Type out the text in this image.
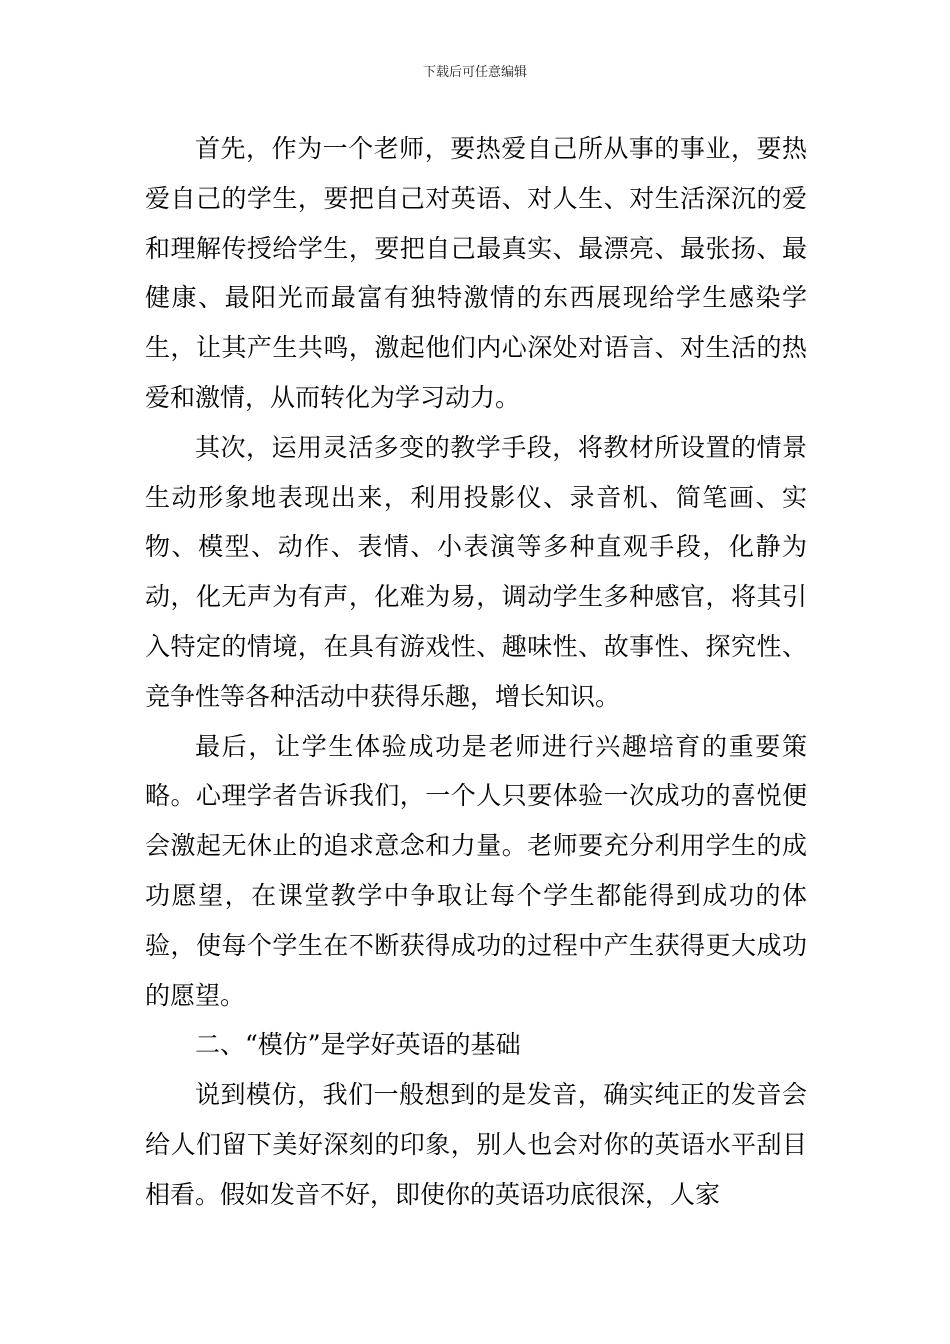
下载后可任意编辑

首先，作为一个老师，要热爱自己所从事的事业，要热爱自己的学生，要把自己对英语、对人生、对生活深沉的爱和理解传授给学生，要把自己最真实、最漂亮、最张扬、最健康、最阳光而最富有独特激情的东西展现给学生感染学生，让其产生共鸣，激起他们内心深处对语言、对生活的热爱和激情，从而转化为学习动力。

其次，运用灵活多变的教学手段，将教材所设置的情景生动形象地表现出来，利用投影仪、录音机、简笔画、实物、模型、动作、表情、小表演等多种直观手段，化静为动，化无声为有声，化难为易，调动学生多种感官，将其引入特定的情境，在具有游戏性、趣味性、故事性、探究性、竞争性等各种活动中获得乐趣，增长知识。

最后，让学生体验成功是老师进行兴趣培育的重要策略。心理学者告诉我们，一个人只要体验一次成功的喜悦便会激起无休止的追求意念和力量。老师要充分利用学生的成功愿望，在课堂教学中争取让每个学生都能得到成功的体验，使每个学生在不断获得成功的过程中产生获得更大成功的愿望。

二、“模仿”是学好英语的基础

说到模仿，我们一般想到的是发音，确实纯正的发音会给人们留下美好深刻的印象，别人也会对你的英语水平刮目相看。假如发音不好，即使你的英语功底很深，人家
